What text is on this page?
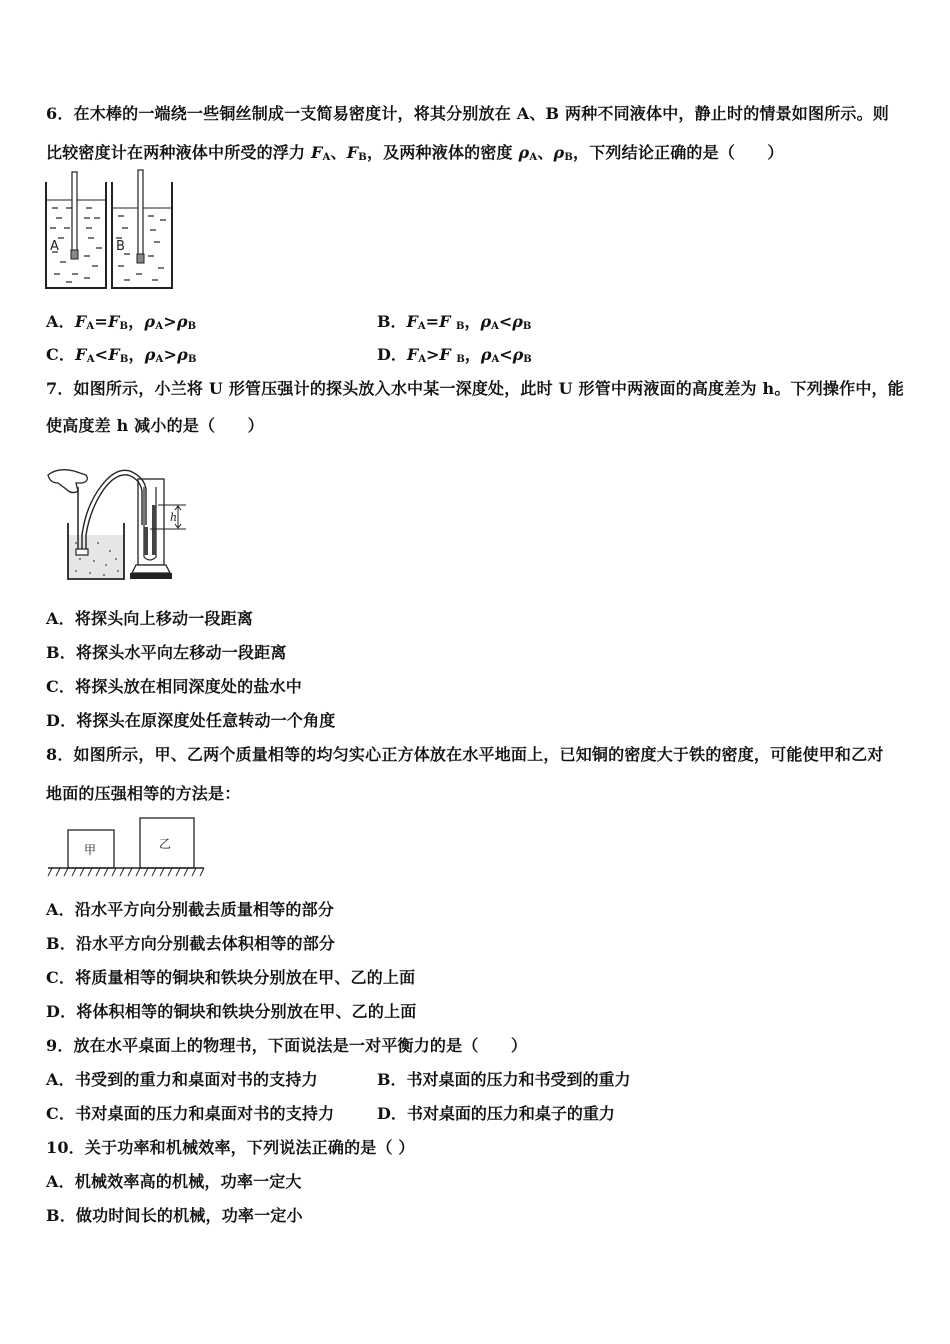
6．在木棒的一端绕一些铜丝制成一支简易密度计，将其分别放在 A、B 两种不同液体中，静止时的情景如图所示。则
比较密度计在两种液体中所受的浮力 $F_A$、$F_B$，及两种液体的密度 $\rho_A$、$\rho_B$，下列结论正确的是（　　）
A	B
A．$F_A=F_B$，$\rho_A>\rho_B$	B．$F_A=F$ $_B$，$\rho_A<\rho_B$
C．$F_A<F_B$，$\rho_A>\rho_B$	D．$F_A>F$ $_B$，$\rho_A<\rho_B$
7．如图所示，小兰将 U 形管压强计的探头放入水中某一深度处，此时 U 形管中两液面的高度差为 h。下列操作中，能
使高度差 h 减小的是（　　）
h
A．将探头向上移动一段距离
B．将探头水平向左移动一段距离
C．将探头放在相同深度处的盐水中
D．将探头在原深度处任意转动一个角度
8．如图所示，甲、乙两个质量相等的均匀实心正方体放在水平地面上，已知铜的密度大于铁的密度，可能使甲和乙对
地面的压强相等的方法是：
甲	乙
A．沿水平方向分别截去质量相等的部分
B．沿水平方向分别截去体积相等的部分
C．将质量相等的铜块和铁块分别放在甲、乙的上面
D．将体积相等的铜块和铁块分别放在甲、乙的上面
9．放在水平桌面上的物理书，下面说法是一对平衡力的是（　　）
A．书受到的重力和桌面对书的支持力	B．书对桌面的压力和书受到的重力
C．书对桌面的压力和桌面对书的支持力	D．书对桌面的压力和桌子的重力
10．关于功率和机械效率，下列说法正确的是（ ）
A．机械效率高的机械，功率一定大
B．做功时间长的机械，功率一定小
